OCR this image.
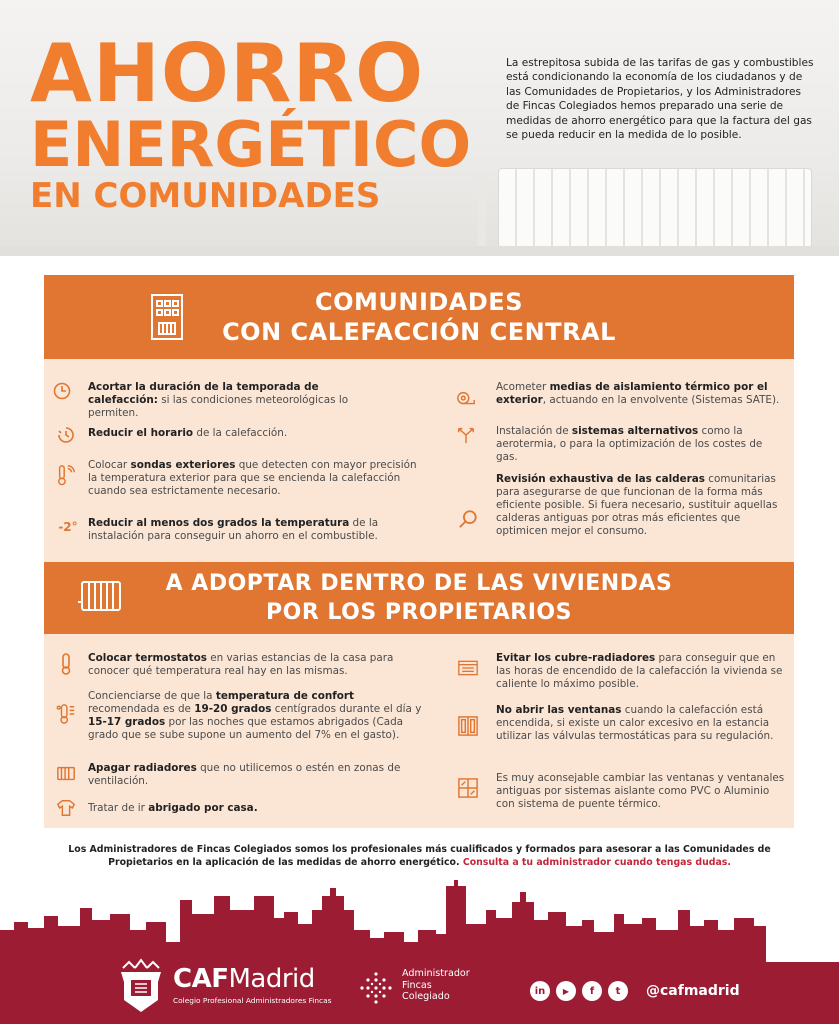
AHORRO
ENERGÉTICO
EN COMUNIDADES

La estrepitosa subida de las tarifas de gas y combustibles está condicionando la economía de los ciudadanos y de las Comunidades de Propietarios, y los Administradores de Fincas Colegiados hemos preparado una serie de medidas de ahorro energético para que la factura del gas se pueda reducir en la medida de lo posible.

COMUNIDADES
CON CALEFACCIÓN CENTRAL
Acortar la duración de la temporada de calefacción: si las condiciones meteorológicas lo permiten.
Reducir el horario de la calefacción.
Colocar sondas exteriores que detecten con mayor precisión la temperatura exterior para que se encienda la calefacción cuando sea estrictamente necesario.
-2° Reducir al menos dos grados la temperatura de la instalación para conseguir un ahorro en el combustible.
Acometer medias de aislamiento térmico por el exterior, actuando en la envolvente (Sistemas SATE).
Instalación de sistemas alternativos como la aerotermia, o para la optimización de los costes de gas.
Revisión exhaustiva de las calderas comunitarias para asegurarse de que funcionan de la forma más eficiente posible. Si fuera necesario, sustituir aquellas calderas antiguas por otras más eficientes que optimicen mejor el consumo.
A ADOPTAR DENTRO DE LAS VIVIENDAS
POR LOS PROPIETARIOS
Colocar termostatos en varias estancias de la casa para conocer qué temperatura real hay en las mismas.
Concienciarse de que la temperatura de confort recomendada es de 19-20 grados centígrados durante el día y 15-17 grados por las noches que estamos abrigados (Cada grado que se sube supone un aumento del 7% en el gasto).
Apagar radiadores que no utilicemos o estén en zonas de ventilación.
Tratar de ir abrigado por casa.
Evitar los cubre-radiadores para conseguir que en las horas de encendido de la calefacción la vivienda se caliente lo máximo posible.
No abrir las ventanas cuando la calefacción está encendida, si existe un calor excesivo en la estancia utilizar las válvulas termostáticas para su regulación.
Es muy aconsejable cambiar las ventanas y ventanales antiguas por sistemas aislante como PVC o Aluminio con sistema de puente térmico.

Los Administradores de Fincas Colegiados somos los profesionales más cualificados y formados para asesorar a las Comunidades de Propietarios en la aplicación de las medidas de ahorro energético. Consulta a tu administrador cuando tengas dudas.

CAFMadrid
Colegio Profesional Administradores Fincas
Administrador
Fincas
Colegiado	in	▶	f	t	@cafmadrid
